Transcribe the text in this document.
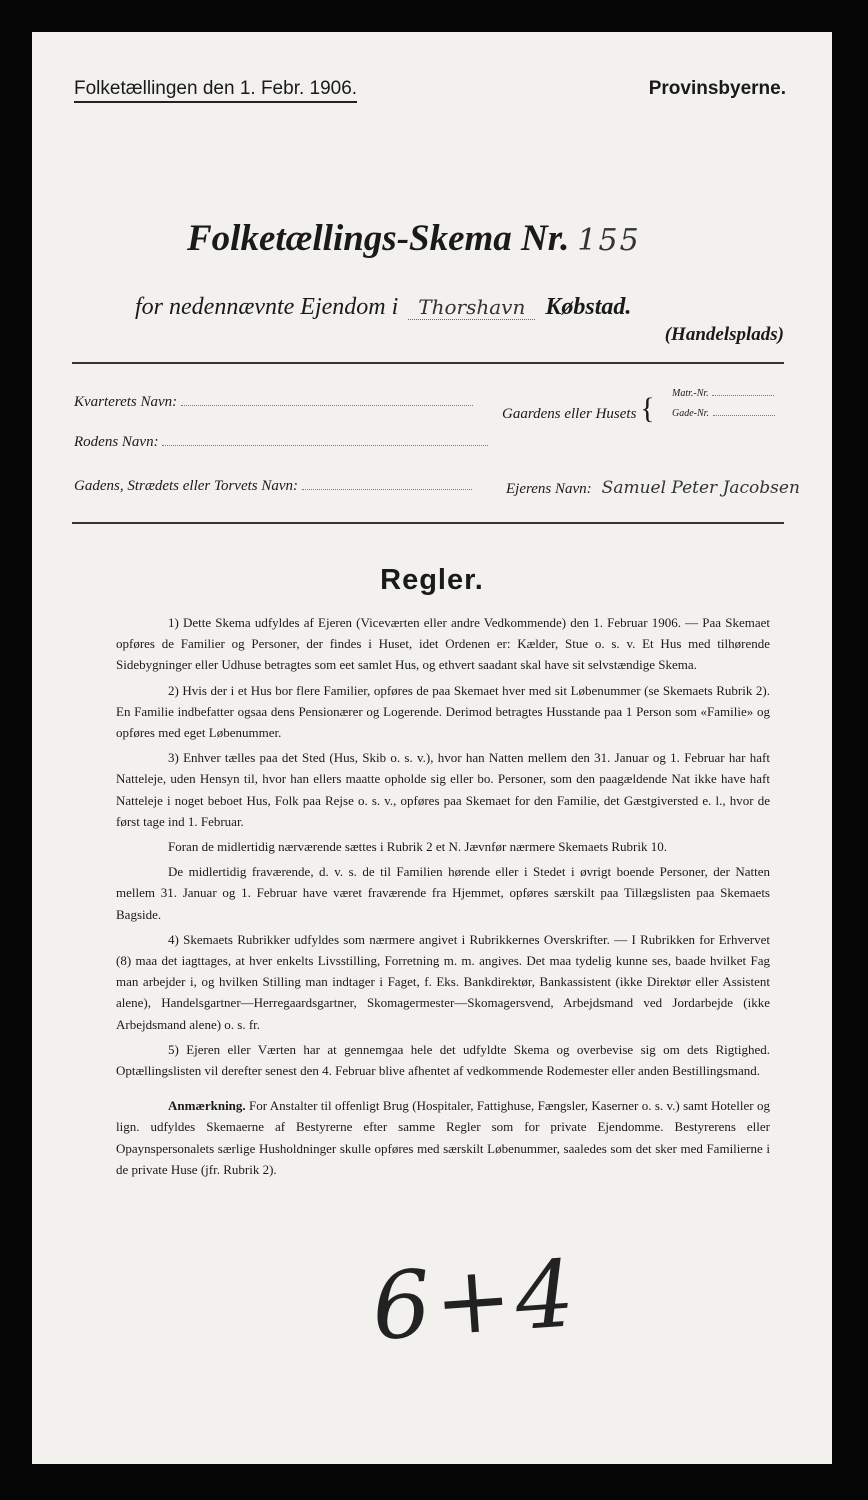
Folketællingen den 1. Febr. 1906.	Provinsbyerne.
Folketællings-Skema Nr. 155
for nedennævnte Ejendom i Thorshavn Købstad.
(Handelsplads)
Kvarterets Navn:
Gaardens eller Husets { Matr.-Nr.
Gade-Nr.
Rodens Navn:
Gadens, Strædets eller Torvets Navn:	Ejerens Navn: Samuel Peter Jacobsen
Regler.

1) Dette Skema udfyldes af Ejeren (Viceværten eller andre Vedkommende) den 1. Februar 1906. — Paa Skemaet opføres de Familier og Personer, der findes i Huset, idet Ordenen er: Kælder, Stue o. s. v. Et Hus med tilhørende Sidebygninger eller Udhuse betragtes som eet samlet Hus, og ethvert saadant skal have sit selvstændige Skema.

2) Hvis der i et Hus bor flere Familier, opføres de paa Skemaet hver med sit Løbenummer (se Skemaets Rubrik 2). En Familie indbefatter ogsaa dens Pensionærer og Logerende. Derimod betragtes Husstande paa 1 Person som «Familie» og opføres med eget Løbenummer.

3) Enhver tælles paa det Sted (Hus, Skib o. s. v.), hvor han Natten mellem den 31. Januar og 1. Februar har haft Natteleje, uden Hensyn til, hvor han ellers maatte opholde sig eller bo. Personer, som den paagældende Nat ikke have haft Natteleje i noget beboet Hus, Folk paa Rejse o. s. v., opføres paa Skemaet for den Familie, det Gæstgiversted e. l., hvor de først tage ind 1. Februar.

Foran de midlertidig nærværende sættes i Rubrik 2 et N. Jævnfør nærmere Skemaets Rubrik 10.

De midlertidig fraværende, d. v. s. de til Familien hørende eller i Stedet i øvrigt boende Personer, der Natten mellem 31. Januar og 1. Februar have været fraværende fra Hjemmet, opføres særskilt paa Tillægslisten paa Skemaets Bagside.

4) Skemaets Rubrikker udfyldes som nærmere angivet i Rubrikkernes Overskrifter. — I Rubrikken for Erhvervet (8) maa det iagttages, at hver enkelts Livsstilling, Forretning m. m. angives. Det maa tydelig kunne ses, baade hvilket Fag man arbejder i, og hvilken Stilling man indtager i Faget, f. Eks. Bankdirektør, Bankassistent (ikke Direktør eller Assistent alene), Handelsgartner—Herregaardsgartner, Skomagermester—Skomagersvend, Arbejdsmand ved Jordarbejde (ikke Arbejdsmand alene) o. s. fr.

5) Ejeren eller Værten har at gennemgaa hele det udfyldte Skema og overbevise sig om dets Rigtighed. Optællingslisten vil derefter senest den 4. Februar blive afhentet af vedkommende Rodemester eller anden Bestillingsmand.

Anmærkning. For Anstalter til offenligt Brug (Hospitaler, Fattighuse, Fængsler, Kaserner o. s. v.) samt Hoteller og lign. udfyldes Skemaerne af Bestyrerne efter samme Regler som for private Ejendomme. Bestyrerens eller Opaynspersonalets særlige Husholdninger skulle opføres med særskilt Løbenummer, saaledes som det sker med Familierne i de private Huse (jfr. Rubrik 2).

6+4
